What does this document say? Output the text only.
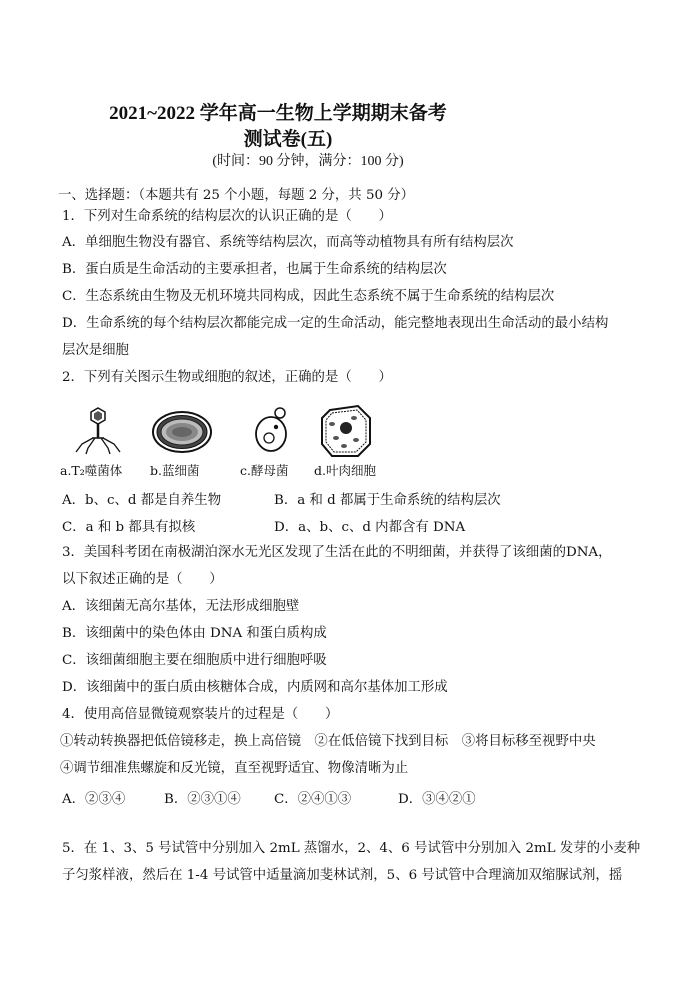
2021~2022 学年高一生物上学期期末备考
测试卷(五)
(时间：90 分钟，满分：100 分)
一、选择题：（本题共有 25 个小题，每题 2 分，共 50 分）
1．下列对生命系统的结构层次的认识正确的是（　　）
A．单细胞生物没有器官、系统等结构层次，而高等动植物具有所有结构层次
B．蛋白质是生命活动的主要承担者，也属于生命系统的结构层次
C．生态系统由生物及无机环境共同构成，因此生态系统不属于生命系统的结构层次
D．生命系统的每个结构层次都能完成一定的生命活动，能完整地表现出生命活动的最小结构
层次是细胞
2．下列有关图示生物或细胞的叙述，正确的是（　　）
a.T₂噬菌体 b.蓝细菌	c.酵母菌 d.叶肉细胞
A．b、c、d 都是自养生物	B．a 和 d 都属于生命系统的结构层次
C．a 和 b 都具有拟核	D．a、b、c、d 内都含有 DNA
3．美国科考团在南极湖泊深水无光区发现了生活在此的不明细菌，并获得了该细菌的DNA，
以下叙述正确的是（　　）
A．该细菌无高尔基体，无法形成细胞壁
B．该细菌中的染色体由 DNA 和蛋白质构成
C．该细菌细胞主要在细胞质中进行细胞呼吸
D．该细菌中的蛋白质由核糖体合成，内质网和高尔基体加工形成
4．使用高倍显微镜观察装片的过程是（　　）
①转动转换器把低倍镜移走，换上高倍镜　②在低倍镜下找到目标　③将目标移至视野中央
④调节细准焦螺旋和反光镜，直至视野适宜、物像清晰为止
A．②③④	B．②③①④ C．②④①③	D．③④②①
5．在 1、3、5 号试管中分别加入 2mL 蒸馏水，2、4、6 号试管中分别加入 2mL 发芽的小麦种
子匀浆样液，然后在 1-4 号试管中适量滴加斐林试剂，5、6 号试管中合理滴加双缩脲试剂，摇
